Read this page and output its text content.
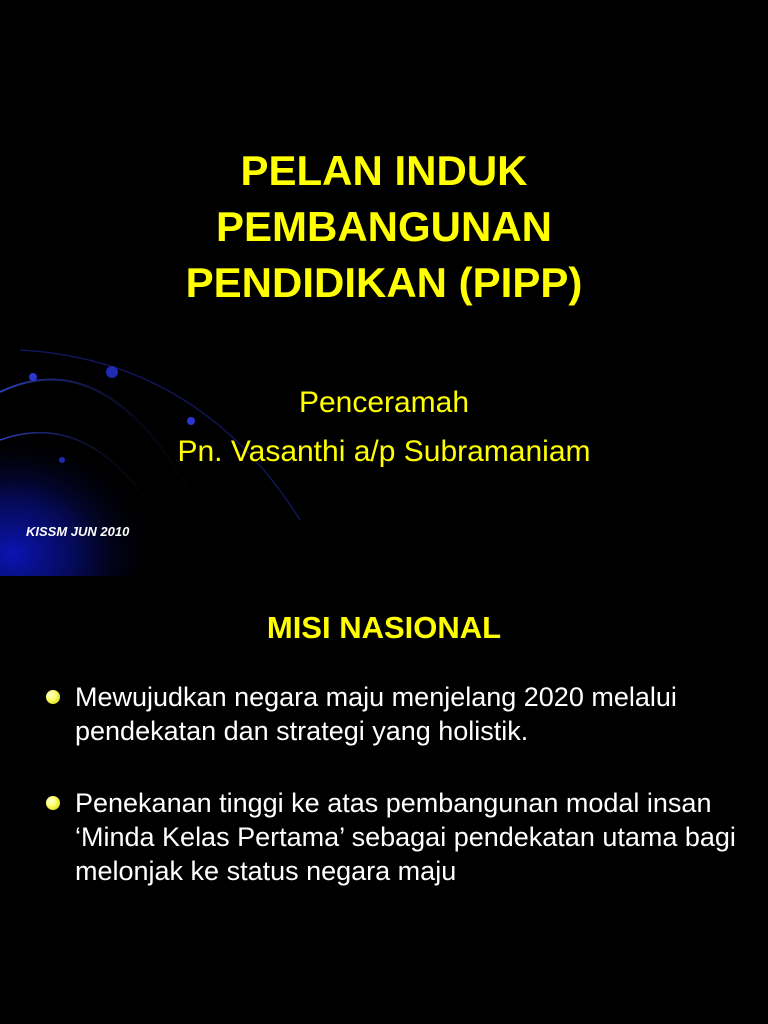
PELAN INDUK
PEMBANGUNAN
PENDIDIKAN (PIPP)

Penceramah

Pn. Vasanthi a/p Subramaniam

KISSM JUN 2010
MISI NASIONAL
Mewujudkan negara maju menjelang 2020 melalui pendekatan dan strategi yang holistik.
Penekanan tinggi ke atas pembangunan modal insan ‘Minda Kelas Pertama’ sebagai pendekatan utama bagi melonjak ke status negara maju
